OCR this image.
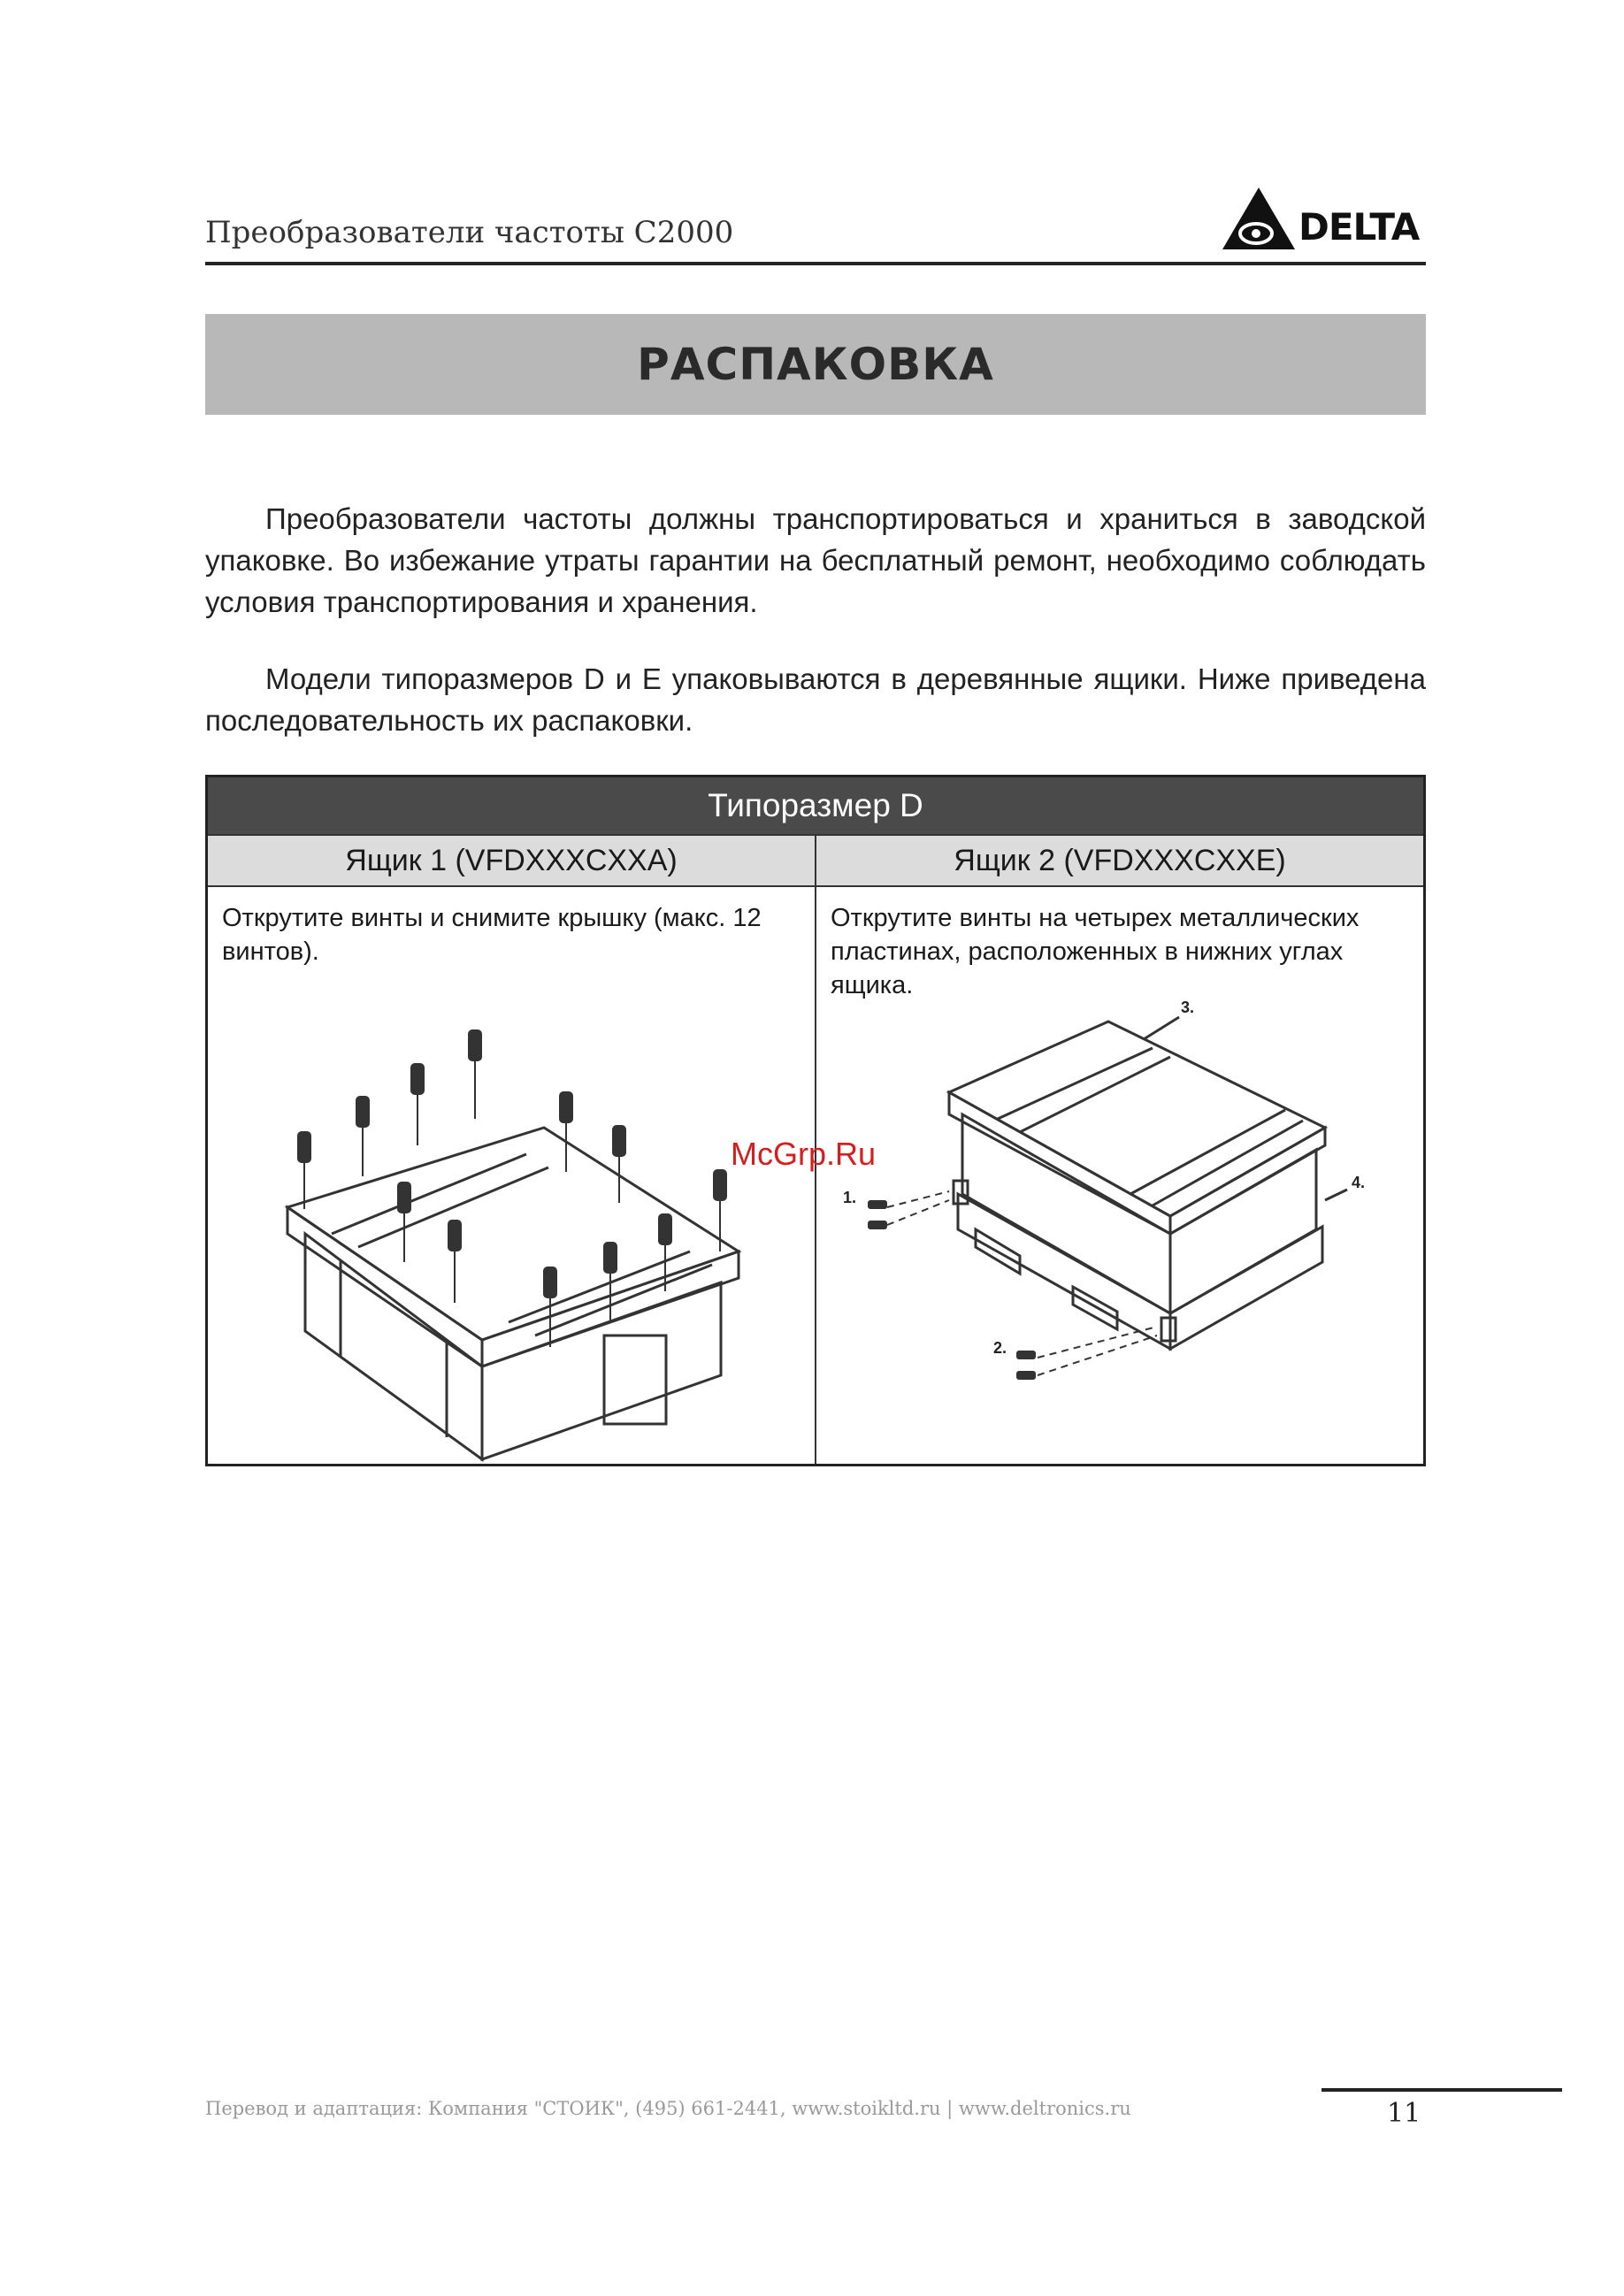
Преобразователи частоты C2000	DELTA
РАСПАКОВКА

Преобразователи частоты должны транспортироваться и храниться в заводской упаковке. Во избежание утраты гарантии на бесплатный ремонт, необходимо соблюдать условия транспортирования и хранения.

Модели типоразмеров D и E упаковываются в деревянные ящики. Ниже приведена последовательность их распаковки.

Типоразмер D	
Ящик 1 (VFDXXXCXXA)	Ящик 2 (VFDXXXCXXE)

Открутите винты и снимите крышку (макс. 12 винтов).	Открутите винты на четырех металлических пластинах, расположенных в нижних углах ящика.
1.
2.
3.
4.
McGrp.Ru
Перевод и адаптация: Компания "СТОИК", (495) 661-2441, www.stoikltd.ru | www.deltronics.ru	11
